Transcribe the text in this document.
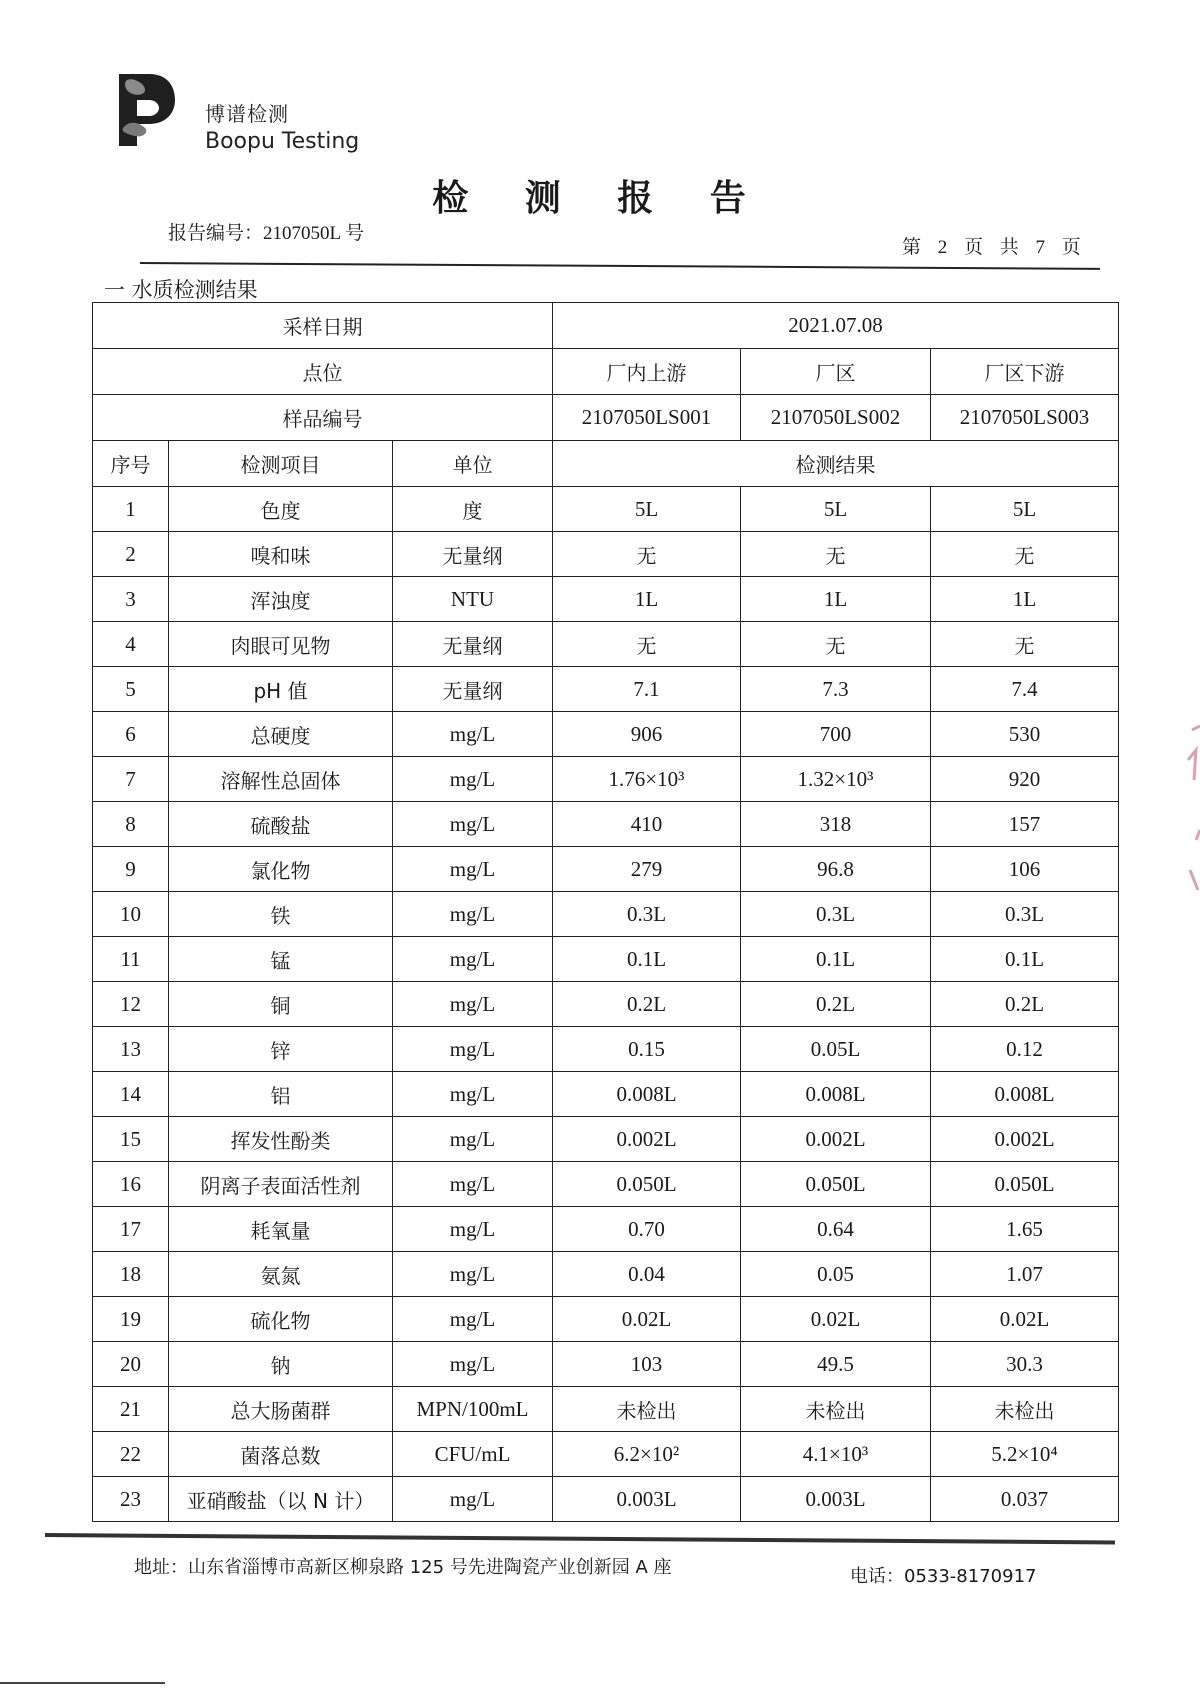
博谱检测
Boopu Testing
检 测 报 告
报告编号：2107050L 号
第 2 页 共 7 页
一 水质检测结果
采样日期			2021.07.08		
点位			厂内上游	厂区	厂区下游
样品编号			2107050LS001	2107050LS002	2107050LS003
序号	检测项目	单位	检测结果		
1	色度	度	5L	5L	5L
2	嗅和味	无量纲	无	无	无
3	浑浊度	NTU	1L	1L	1L
4	肉眼可见物	无量纲	无	无	无
5	pH 值	无量纲	7.1	7.3	7.4
6	总硬度	mg/L	906	700	530
7	溶解性总固体	mg/L	1.76×10³	1.32×10³	920
8	硫酸盐	mg/L	410	318	157
9	氯化物	mg/L	279	96.8	106
10	铁	mg/L	0.3L	0.3L	0.3L
11	锰	mg/L	0.1L	0.1L	0.1L
12	铜	mg/L	0.2L	0.2L	0.2L
13	锌	mg/L	0.15	0.05L	0.12
14	铝	mg/L	0.008L	0.008L	0.008L
15	挥发性酚类	mg/L	0.002L	0.002L	0.002L
16	阴离子表面活性剂	mg/L	0.050L	0.050L	0.050L
17	耗氧量	mg/L	0.70	0.64	1.65
18	氨氮	mg/L	0.04	0.05	1.07
19	硫化物	mg/L	0.02L	0.02L	0.02L
20	钠	mg/L	103	49.5	30.3
21	总大肠菌群	MPN/100mL	未检出	未检出	未检出
22	菌落总数	CFU/mL	6.2×10²	4.1×10³	5.2×10⁴
23	亚硝酸盐（以 N 计）	mg/L	0.003L	0.003L	0.037
地址：山东省淄博市高新区柳泉路 125 号先进陶瓷产业创新园 A 座	电话：0533-8170917
